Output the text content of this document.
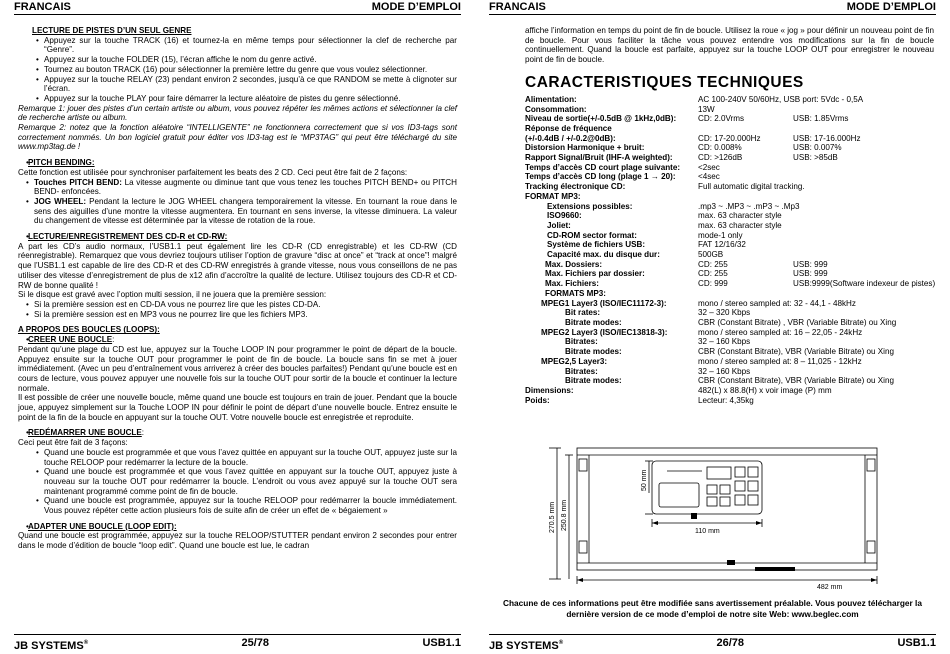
FRANCAIS	MODE D’EMPLOI

LECTURE DE PISTES D’UN SEUL GENRE

• Appuyez sur la touche TRACK (16) et tournez-la en même temps pour sélectionner la clef de recherche par “Genre”.

• Appuyez sur la touche FOLDER (15), l’écran affiche le nom du genre activé.

• Tournez au bouton TRACK (16) pour sélectionner la première lettre du genre que vous voulez sélectionner.

• Appuyez sur la touche RELAY (23) pendant environ 2 secondes, jusqu’à ce que RANDOM se mette à clignoter sur l’écran.

• Appuyez sur la touche PLAY pour faire démarrer la lecture aléatoire de pistes du genre sélectionné.

Remarque 1: jouer des pistes d’un certain artiste ou album, vous pouvez répéter les mêmes actions et sélectionner la clef de recherche artiste ou album.

Remarque 2: notez que la fonction aléatoire “INTELLIGENTE” ne fonctionnera correctement que si vos ID3-tags sont correctement nommés. Un bon logiciel gratuit pour éditer vos ID3-tag est le “MP3TAG” qui peut être téléchargé du site www.mp3tag.de !

• PITCH BENDING:

Cette fonction est utilisée pour synchroniser parfaitement les beats des 2 CD. Ceci peut être fait de 2 façons:

• Touches PITCH BEND: La vitesse augmente ou diminue tant que vous tenez les touches PITCH BEND+ ou PITCH BEND- enfoncées.

• JOG WHEEL: Pendant la lecture le JOG WHEEL changera temporairement la vitesse. En tournant la roue dans le sens des aiguilles d’une montre la vitesse augmentera. En tournant en sens inverse, la vitesse diminuera. La valeur du changement de vitesse est déterminée par la vitesse de rotation de la roue.

• LECTURE/ENREGISTREMENT DES CD-R et CD-RW:

A part les CD’s audio normaux, l’USB1.1 peut également lire les CD-R (CD enregistrable) et les CD-RW (CD réenregistrable). Remarquez que vous devriez toujours utiliser l’option de gravure “disc at once” et “track at once”! malgré que l’USB1.1 est capable de lire des CD-R et des CD-RW enregistrés à grande vitesse, nous vous conseillons de ne pas utiliser des vitesse d’enregistrement de plus de x12 afin d’accroître la qualité de lecture. Utilisez toujours des CD-R et CD-RW de bonne qualité !

Si le disque est gravé avec l’option multi session, il ne jouera que la première session:

• Si la première session est en CD-DA vous ne pourrez lire que les pistes CD-DA.

• Si la première session est en MP3 vous ne pourrez lire que les fichiers MP3.

A PROPOS DES BOUCLES (LOOPS):

• CREER UNE BOUCLE:

Pendant qu’une plage du CD est lue, appuyez sur la Touche LOOP IN pour programmer le point de départ de la boucle. Appuyez ensuite sur la touche OUT pour programmer le point de fin de boucle. La boucle sans fin se met à jouer immédiatement. (Avec un peu d’entraînement vous arriverez à créer des boucles parfaites!) Pendant qu’une boucle est en cours de lecture, vous pouvez appuyer une nouvelle fois sur la touche OUT pour sortir de la boucle et continuer la lecture normale.

Il est possible de créer une nouvelle boucle, même quand une boucle est toujours en train de jouer. Pendant que la boucle joue, appuyez simplement sur la Touche LOOP IN pour définir le point de départ d’une nouvelle boucle. Entrez ensuite le point de la fin de la boucle en appuyant sur la touche OUT. Votre nouvelle boucle est enregistrée et reproduite.

• REDÉMARRER UNE BOUCLE:

Ceci peut être fait de 3 façons:

• Quand une boucle est programmée et que vous l’avez quittée en appuyant sur la touche OUT, appuyez juste sur la touche RELOOP pour redémarrer la lecture de la boucle.

• Quand une boucle est programmée et que vous l’avez quittée en appuyant sur la touche OUT, appuyez juste à nouveau sur la touche OUT pour redémarrer la boucle. L’endroit ou vous avez appuyé sur la touche OUT sera maintenant programmé comme point de fin de boucle.

• Quand une boucle est programmée, appuyez sur la touche RELOOP pour redémarrer la boucle immédiatement. Vous pouvez répéter cette action plusieurs fois de suite afin de créer un effet de « bégaiement »

• ADAPTER UNE BOUCLE (LOOP EDIT):

Quand une boucle est programmée, appuyez sur la touche RELOOP/STUTTER pendant environ 2 secondes pour entrer dans le mode d’édition de boucle “loop edit”. Quand une boucle est lue, le cadran

JB SYSTEMS®	25/78	USB1.1
FRANCAIS	MODE D’EMPLOI

affiche l’information en temps du point de fin de boucle. Utilisez la roue « jog » pour définir un nouveau point de fin de boucle. Pour vous faciliter la tâche vous pouvez entendre vos modifications sur la fin de boucle continuellement. Quand la boucle est parfaite, appuyez sur la touche LOOP OUT pour enregistrer le nouveau point de fin de boucle.

CARACTERISTIQUES TECHNIQUES
Alimentation:	AC 100-240V 50/60Hz, USB port: 5Vdc - 0,5A
Consommation:	13W
Niveau de sortie(+/-0.5dB @ 1kHz,0dB):	CD: 2.0Vrms	USB: 1.85Vrms
Réponse de fréquence
(+/-0.4dB / +/-0.2@0dB):	CD: 17-20.000Hz	USB: 17-16.000Hz
Distorsion Harmonique + bruit:	CD: 0.008%	USB: 0.007%
Rapport Signal/Bruit (IHF-A weighted):	CD: >126dB	USB: >85dB
Temps d’accès CD court plage suivante:	<2sec
Temps d’accès CD long (plage 1 → 20):	<4sec
Tracking électronique CD:	Full automatic digital tracking.
FORMAT MP3:
Extensions possibles:	.mp3 ~ .MP3 ~ .mP3 ~ .Mp3
ISO9660:	max. 63 character style
Joliet:	max. 63 character style
CD-ROM sector format:	mode-1 only
Système de fichiers USB:	FAT 12/16/32
Capacité max. du disque dur:	500GB
Max. Dossiers:	CD: 255	USB: 999
Max. Fichiers par dossier:	CD: 255	USB: 999
Max. Fichiers:	CD: 999	USB:9999(Software indexeur de pistes)
FORMATS MP3:
MPEG1 Layer3 (ISO/IEC11172-3):	mono / stereo sampled at: 32 - 44,1 - 48kHz
Bit rates:	32 – 320 Kbps
Bitrate modes:	CBR (Constant Bitrate) , VBR (Variable Bitrate) ou Xing
MPEG2 Layer3 (ISO/IEC13818-3):	mono / stereo sampled at: 16 – 22,05 - 24kHz
Bitrates:	32 – 160 Kbps
Bitrate modes:	CBR (Constant Bitrate), VBR (Variable Bitrate) ou Xing
MPEG2,5 Layer3:	mono / stereo sampled at: 8 – 11,025 - 12kHz
Bitrates:	32 – 160 Kbps
Bitrate modes:	CBR (Constant Bitrate), VBR (Variable Bitrate) ou Xing
Dimensions:	482(L) x 88.8(H) x voir image (P) mm
Poids:	Lecteur: 4,35kg
270.5 mm 250.8 mm
50 mm
110 mm
482 mm
Chacune de ces informations peut être modifiée sans avertissement préalable. Vous pouvez télécharger la dernière version de ce mode d’emploi de notre site Web: www.beglec.com
JB SYSTEMS®	26/78	USB1.1
